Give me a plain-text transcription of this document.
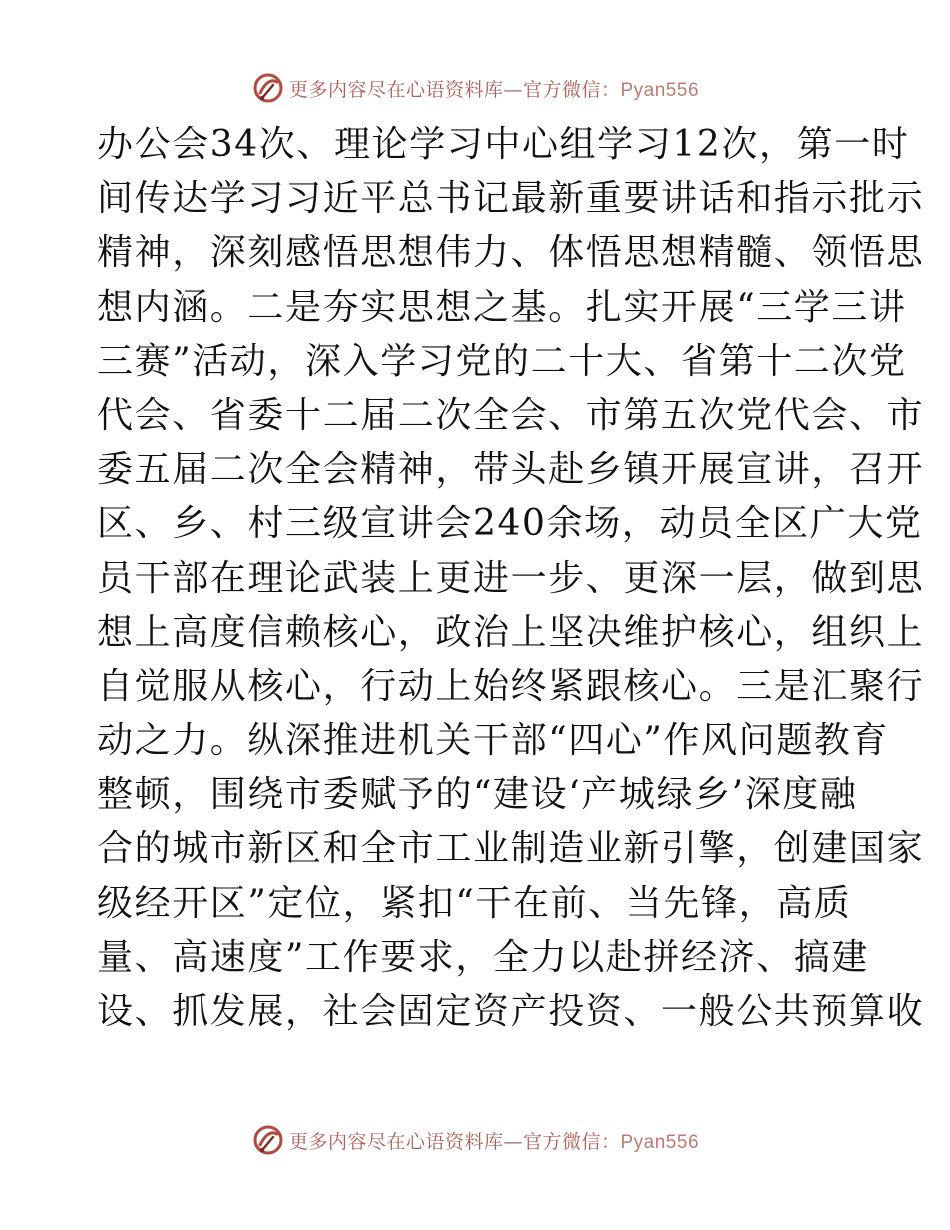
更多内容尽在心语资料库—官方微信：Pyan556
办公会34次、理论学习中心组学习12次，第一时
间传达学习习近平总书记最新重要讲话和指示批示
精神，深刻感悟思想伟力、体悟思想精髓、领悟思
想内涵。二是夯实思想之基。扎实开展“三学三讲
三赛”活动，深入学习党的二十大、省第十二次党
代会、省委十二届二次全会、市第五次党代会、市
委五届二次全会精神，带头赴乡镇开展宣讲，召开
区、乡、村三级宣讲会240余场，动员全区广大党
员干部在理论武装上更进一步、更深一层，做到思
想上高度信赖核心，政治上坚决维护核心，组织上
自觉服从核心，行动上始终紧跟核心。三是汇聚行
动之力。纵深推进机关干部“四心”作风问题教育
整顿，围绕市委赋予的“建设‘产城绿乡’深度融
合的城市新区和全市工业制造业新引擎，创建国家
级经开区”定位，紧扣“干在前、当先锋，高质
量、高速度”工作要求，全力以赴拼经济、搞建
设、抓发展，社会固定资产投资、一般公共预算收
更多内容尽在心语资料库—官方微信：Pyan556
